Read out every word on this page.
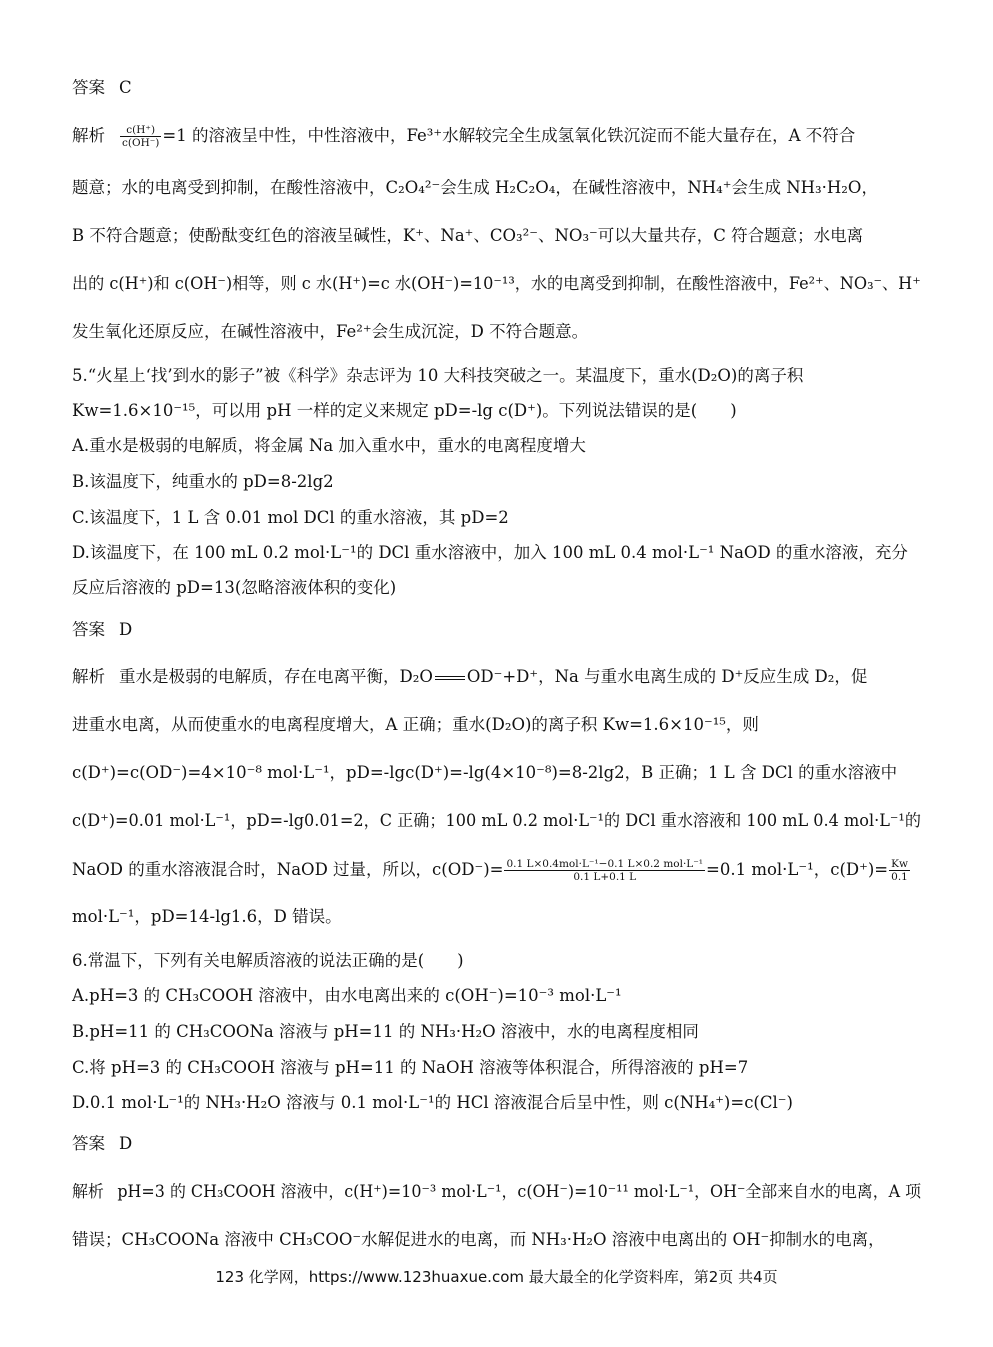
答案 C
解析 $\frac{c(H^+)}{c(OH^-)} =1$ 的溶液呈中性，中性溶液中，Fe³⁺水解较完全生成氢氧化铁沉淀而不能大量存在，A 不符合
题意；水的电离受到抑制，在酸性溶液中，C₂O₄²⁻会生成 H₂C₂O₄，在碱性溶液中，NH₄⁺会生成 NH₃·H₂O，
B 不符合题意；使酚酞变红色的溶液呈碱性，K⁺、Na⁺、CO₃²⁻、NO₃⁻可以大量共存，C 符合题意；水电离
出的 c(H⁺)和 c(OH⁻)相等，则 c 水(H⁺)=c 水(OH⁻)=10⁻¹³，水的电离受到抑制，在酸性溶液中，Fe²⁺、NO₃⁻、H⁺
发生氧化还原反应，在碱性溶液中，Fe²⁺会生成沉淀，D 不符合题意。
5.“火星上‘找’到水的影子”被《科学》杂志评为 10 大科技突破之一。某温度下，重水(D₂O)的离子积
Kw=1.6×10⁻¹⁵，可以用 pH 一样的定义来规定 pD=-lg c(D⁺)。下列说法错误的是(　　)
A.重水是极弱的电解质，将金属 Na 加入重水中，重水的电离程度增大
B.该温度下，纯重水的 pD=8-2lg2
C.该温度下，1 L 含 0.01 mol DCl 的重水溶液，其 pD=2
D.该温度下，在 100 mL 0.2 mol·L⁻¹的 DCl 重水溶液中，加入 100 mL 0.4 mol·L⁻¹ NaOD 的重水溶液，充分
反应后溶液的 pD=13(忽略溶液体积的变化)
答案 D
解析 重水是极弱的电解质，存在电离平衡，D₂O OD⁻+D⁺，Na 与重水电离生成的 D⁺反应生成 D₂，促
进重水电离，从而使重水的电离程度增大，A 正确；重水(D₂O)的离子积 Kw=1.6×10⁻¹⁵，则
c(D⁺)=c(OD⁻)=4×10⁻⁸ mol·L⁻¹，pD=-lgc(D⁺)=-lg(4×10⁻⁸)=8-2lg2，B 正确；1 L 含 DCl 的重水溶液中
c(D⁺)=0.01 mol·L⁻¹，pD=-lg0.01=2，C 正确；100 mL 0.2 mol·L⁻¹的 DCl 重水溶液和 100 mL 0.4 mol·L⁻¹的
NaOD 的重水溶液混合时，NaOD 过量，所以，$c(OD^-)= \frac{\text{0.1 L×0.4mol·L⁻¹−0.1 L×0.2 mol·L⁻¹}}{0.1 L+0.1 L} =0.1$ mol·L⁻¹，$c(D^+)= \frac{Kw}{0.1}$
mol·L⁻¹，pD=14-lg1.6，D 错误。
6.常温下，下列有关电解质溶液的说法正确的是(　　)
A.pH=3 的 CH₃COOH 溶液中，由水电离出来的 c(OH⁻)=10⁻³ mol·L⁻¹
B.pH=11 的 CH₃COONa 溶液与 pH=11 的 NH₃·H₂O 溶液中，水的电离程度相同
C.将 pH=3 的 CH₃COOH 溶液与 pH=11 的 NaOH 溶液等体积混合，所得溶液的 pH=7
D.0.1 mol·L⁻¹的 NH₃·H₂O 溶液与 0.1 mol·L⁻¹的 HCl 溶液混合后呈中性，则 c(NH₄⁺)=c(Cl⁻)
答案 D
解析 pH=3 的 CH₃COOH 溶液中，c(H⁺)=10⁻³ mol·L⁻¹，c(OH⁻)=10⁻¹¹ mol·L⁻¹，OH⁻全部来自水的电离，A 项
错误；CH₃COONa 溶液中 CH₃COO⁻水解促进水的电离，而 NH₃·H₂O 溶液中电离出的 OH⁻抑制水的电离，
123 化学网，https://www.123huaxue.com 最大最全的化学资料库，第2页 共4页
